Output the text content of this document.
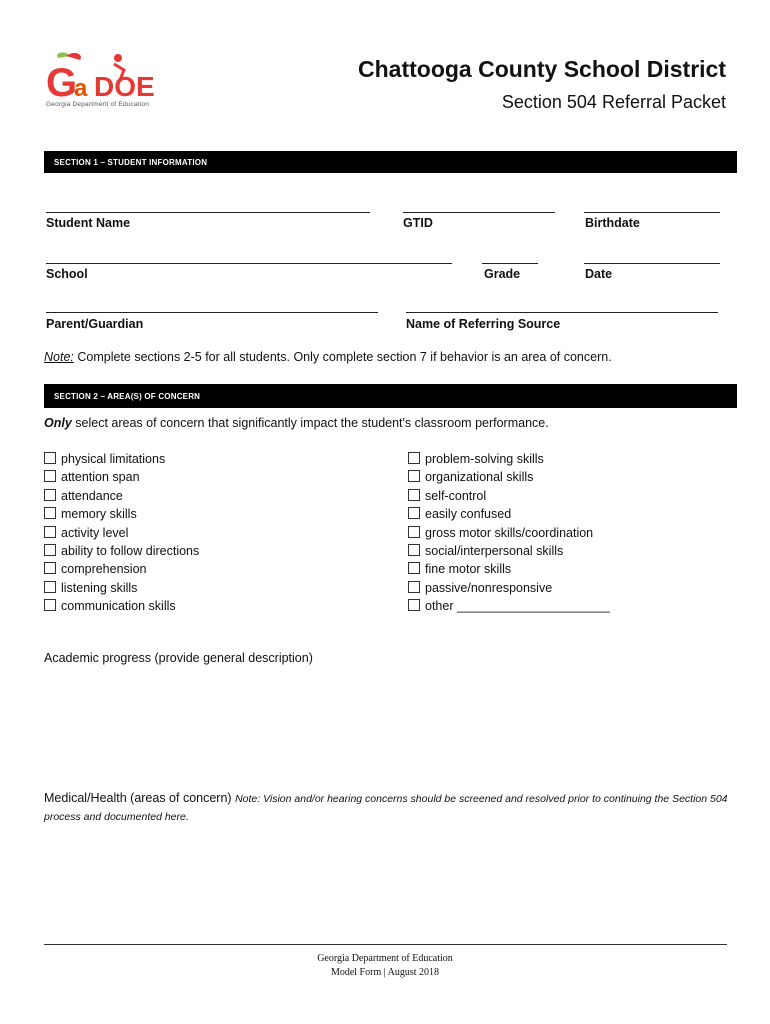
G
a DOE
Georgia Department of Education
Chattooga County School District
Section 504 Referral Packet
SECTION 1 – STUDENT INFORMATION
Student Name	GTID	Birthdate
School	Grade	Date
Parent/Guardian	Name of Referring Source
Note: Complete sections 2-5 for all students. Only complete section 7 if behavior is an area of concern.
SECTION 2 – AREA(S) OF CONCERN
Only select areas of concern that significantly impact the student's classroom performance.
physical limitations
attention span
attendance
memory skills
activity level
ability to follow directions
comprehension
listening skills
communication skills
problem-solving skills
organizational skills
self-control
easily confused
gross motor skills/coordination
social/interpersonal skills
fine motor skills
passive/nonresponsive
other ______________________
Academic progress (provide general description)
Medical/Health (areas of concern) Note: Vision and/or hearing concerns should be screened and resolved prior to continuing the Section 504 process and documented here.
Georgia Department of Education
Model Form | August 2018
